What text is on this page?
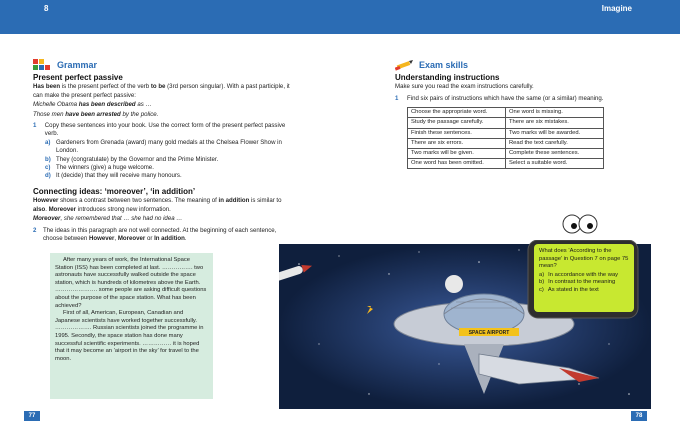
8	Imagine
Grammar
Present perfect passive

Has been is the present perfect of the verb to be (3rd person singular). With a past participle, it can make the present perfect passive:

Michelle Obama has been described as …

Those men have been arrested by the police.

1	Copy these sentences into your book. Use the correct form of the present perfect passive verb.
a) Gardeners from Grenada (award) many gold medals at the Chelsea Flower Show in London.
b) They (congratulate) by the Governor and the Prime Minister.
c) The winners (give) a huge welcome.
d) It (decide) that they will receive many honours.
Connecting ideas: ‘moreover’, ‘in addition’

However shows a contrast between two sentences. The meaning of in addition is similar to also. Moreover introduces strong new information.

Moreover, she remembered that … she had no idea …

2 The ideas in this paragraph are not well connected. At the beginning of each sentence, choose between However, Moreover or In addition.
Exam skills
Understanding instructions

Make sure you read the exam instructions carefully.

1	Find six pairs of instructions which have the same (or a similar) meaning.
Choose the appropriate word.	One word is missing.
Study the passage carefully.	There are six mistakes.
Finish these sentences.	Two marks will be awarded.
There are six errors.	Read the text carefully.
Two marks will be given.	Complete these sentences.
One word has been omitted.	Select a suitable word.
SPACE AIRPORT

After many years of work, the International Space Station (ISS) has been completed at last. ……………. two astronauts have successfully walked outside the space station, which is hundreds of kilometres above the Earth. …………………. some people are asking difficult questions about the purpose of the space station. What has been achieved?

First of all, American, European, Canadian and Japanese scientists have worked together successfully. ………………. Russian scientists joined the programme in 1995. Secondly, the space station has done many successful scientific experiments. …………… it is hoped that it may become an ‘airport in the sky’ for travel to the moon.

What does ‘According to the passage’ in Question 7 on page 75 mean?

a) In accordance with the way
b) In contrast to the meaning
c) As stated in the text
77	78
